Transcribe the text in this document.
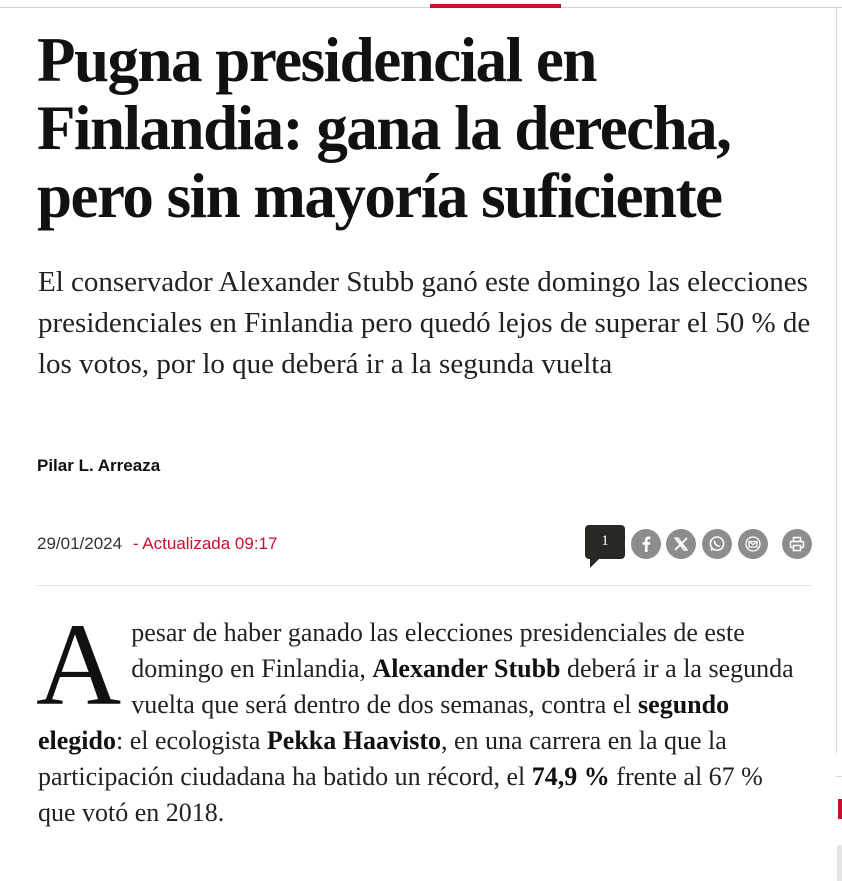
Pugna presidencial en Finlandia: gana la derecha, pero sin mayoría suficiente

El conservador Alexander Stubb ganó este domingo las elecciones presidenciales en Finlandia pero quedó lejos de superar el 50 % de los votos, por lo que deberá ir a la segunda vuelta

Pilar L. Arreaza
29/01/2024 - Actualizada 09:17	1

Apesar de haber ganado las elecciones presidenciales de este domingo en Finlandia, Alexander Stubb deberá ir a la segunda vuelta que será dentro de dos semanas, contra el segundo elegido: el ecologista Pekka Haavisto, en una carrera en la que la participación ciudadana ha batido un récord, el 74,9 % frente al 67 % que votó en 2018.
